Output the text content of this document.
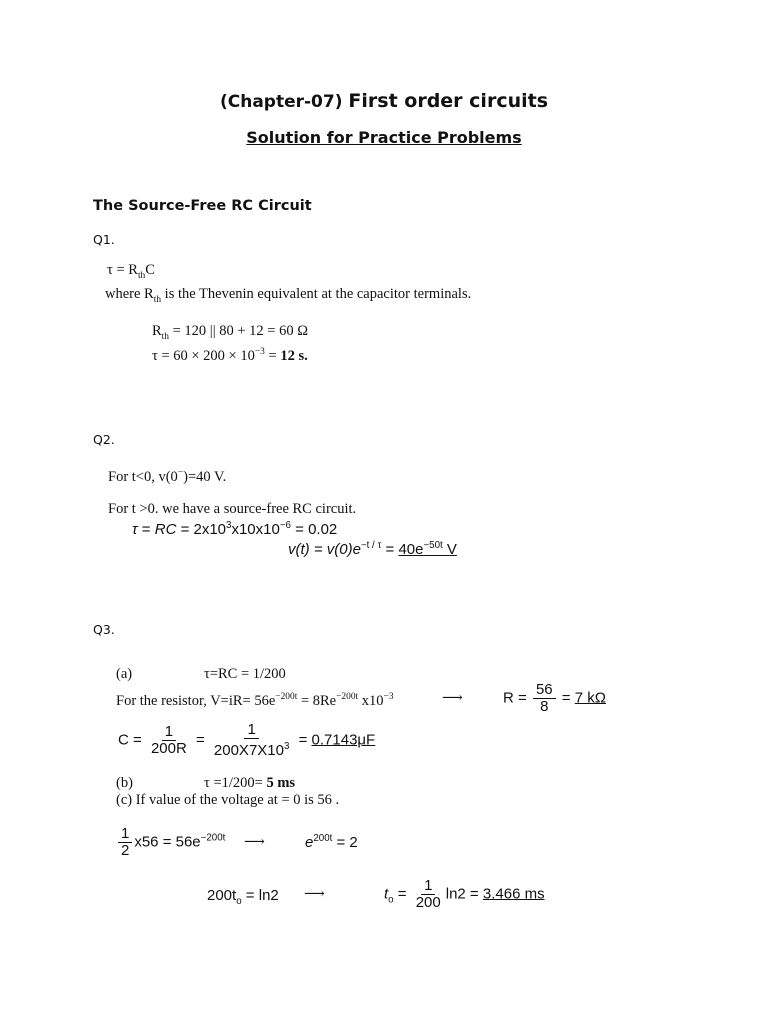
(Chapter-07) First order circuits
Solution for Practice Problems
The Source-Free RC Circuit
Q1.
$\tau = R_{th}C$
where $R_{th}$ is the Thevenin equivalent at the capacitor terminals.
$R_{th} = 120$ || 80 + 12 = 60 Ω
$\tau = 60 \times 200 \times 10^{-3} = 12$ s.
Q2.
For t<0, v(0−)=40 V.
For t >0. we have a source-free RC circuit.
τ = RC = $2x10^3x10x10^{-6} = 0.02$
$v(t) = v(0)e^{-t / \tau} = 40e^{-50t}$ V
Q3.
(a)	τ=RC = 1/200
For the resistor, $V=iR= 56e^{-200t} = 8Re^{-200t}$ $x10^{-3}$	⟶	$R = \frac{56}{8} = 7$ kΩ
$C = \frac{1}{200R} = \frac{1}{200X7X10^3} = 0.7143\mu F$
(b)	τ =1/200= 5 ms
(c) If value of the voltage at = 0 is 56 .
$\frac{1}{2} x56 = 56e^{-200t}$ ⟶	$e^{200t} = 2$
$200t_o = \ln 2$ ⟶	$t_o = \frac{1}{200} \ln 2 = 3.466$ ms
